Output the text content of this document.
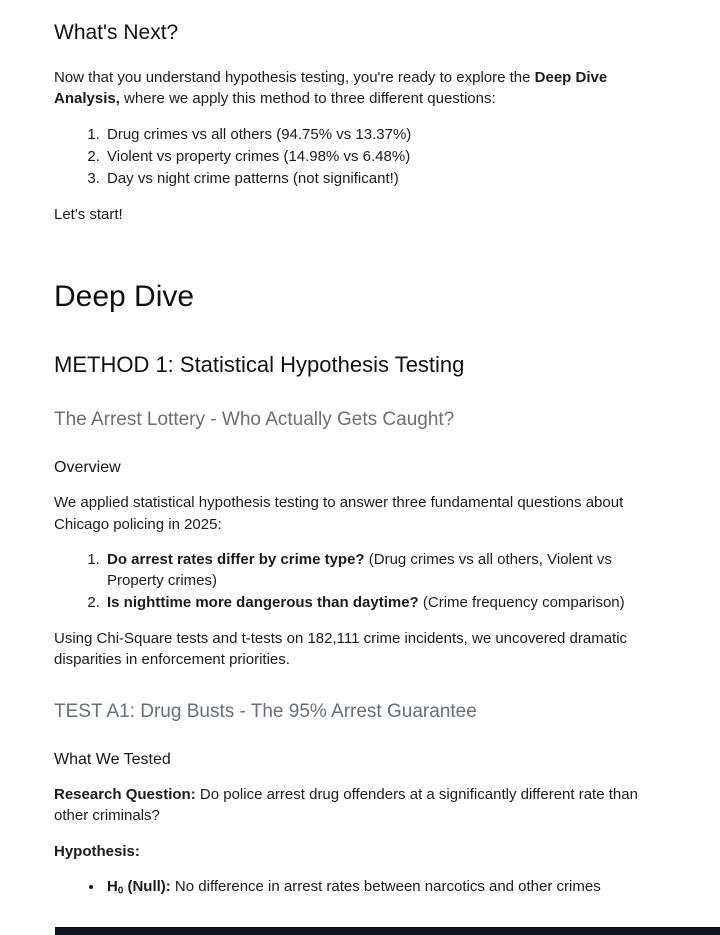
What's Next?

Now that you understand hypothesis testing, you're ready to explore the Deep Dive Analysis, where we apply this method to three different questions:

1. Drug crimes vs all others (94.75% vs 13.37%)
2. Violent vs property crimes (14.98% vs 6.48%)
3. Day vs night crime patterns (not significant!)

Let's start!

Deep Dive
METHOD 1: Statistical Hypothesis Testing
The Arrest Lottery - Who Actually Gets Caught?
Overview

We applied statistical hypothesis testing to answer three fundamental questions about Chicago policing in 2025:

1. Do arrest rates differ by crime type? (Drug crimes vs all others, Violent vs Property crimes)
2. Is nighttime more dangerous than daytime? (Crime frequency comparison)

Using Chi-Square tests and t-tests on 182,111 crime incidents, we uncovered dramatic disparities in enforcement priorities.

TEST A1: Drug Busts - The 95% Arrest Guarantee
What We Tested

Research Question: Do police arrest drug offenders at a significantly different rate than other criminals?

Hypothesis:

• $H_0$ (Null): No difference in arrest rates between narcotics and other crimes
